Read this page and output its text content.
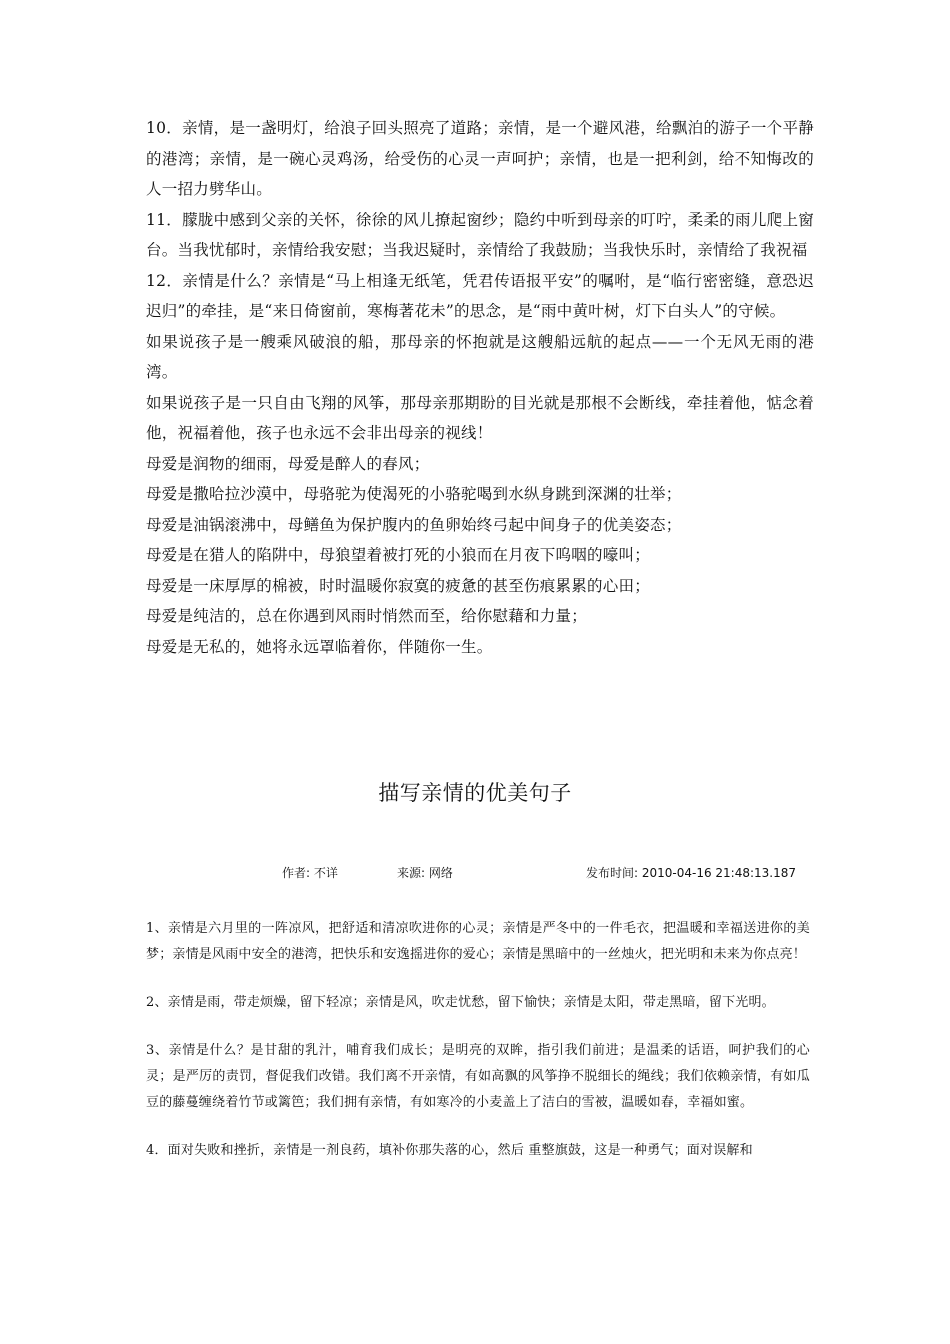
10．亲情，是一盏明灯，给浪子回头照亮了道路；亲情，是一个避风港，给飘泊的游子一个平静的港湾；亲情，是一碗心灵鸡汤，给受伤的心灵一声呵护；亲情，也是一把利剑，给不知悔改的人一招力劈华山。

11．朦胧中感到父亲的关怀，徐徐的风儿撩起窗纱；隐约中听到母亲的叮咛，柔柔的雨儿爬上窗台。当我忧郁时，亲情给我安慰；当我迟疑时，亲情给了我鼓励；当我快乐时，亲情给了我祝福

12．亲情是什么？亲情是“马上相逢无纸笔，凭君传语报平安”的嘱咐，是“临行密密缝，意恐迟迟归”的牵挂，是“来日倚窗前，寒梅著花未”的思念，是“雨中黄叶树，灯下白头人”的守候。

如果说孩子是一艘乘风破浪的船，那母亲的怀抱就是这艘船远航的起点——一个无风无雨的港湾。

如果说孩子是一只自由飞翔的风筝，那母亲那期盼的目光就是那根不会断线，牵挂着他，惦念着他，祝福着他，孩子也永远不会非出母亲的视线！

母爱是润物的细雨，母爱是醉人的春风；

母爱是撒哈拉沙漠中，母骆驼为使渴死的小骆驼喝到水纵身跳到深渊的壮举；

母爱是油锅滚沸中，母鳝鱼为保护腹内的鱼卵始终弓起中间身子的优美姿态；

母爱是在猎人的陷阱中，母狼望着被打死的小狼而在月夜下呜咽的嚎叫；

母爱是一床厚厚的棉被，时时温暖你寂寞的疲惫的甚至伤痕累累的心田；

母爱是纯洁的，总在你遇到风雨时悄然而至，给你慰藉和力量；

母爱是无私的，她将永远罩临着你，伴随你一生。

描写亲情的优美句子
作者: 不详	来源: 网络	发布时间: 2010-04-16 21:48:13.187

1、亲情是六月里的一阵凉风，把舒适和清凉吹进你的心灵；亲情是严冬中的一件毛衣，把温暖和幸福送进你的美梦；亲情是风雨中安全的港湾，把快乐和安逸摇进你的爱心；亲情是黑暗中的一丝烛火，把光明和未来为你点亮！

2、亲情是雨，带走烦燥，留下轻凉；亲情是风，吹走忧愁，留下愉快；亲情是太阳，带走黑暗，留下光明。

3、亲情是什么？是甘甜的乳汁，哺育我们成长；是明亮的双眸，指引我们前进；是温柔的话语，呵护我们的心灵；是严厉的责罚，督促我们改错。我们离不开亲情，有如高飘的风筝挣不脱细长的绳线；我们依赖亲情，有如瓜豆的藤蔓缠绕着竹节或篱笆；我们拥有亲情，有如寒冷的小麦盖上了洁白的雪被，温暖如春，幸福如蜜。

4．面对失败和挫折，亲情是一剂良药，填补你那失落的心，然后 重整旗鼓，这是一种勇气；面对误解和
